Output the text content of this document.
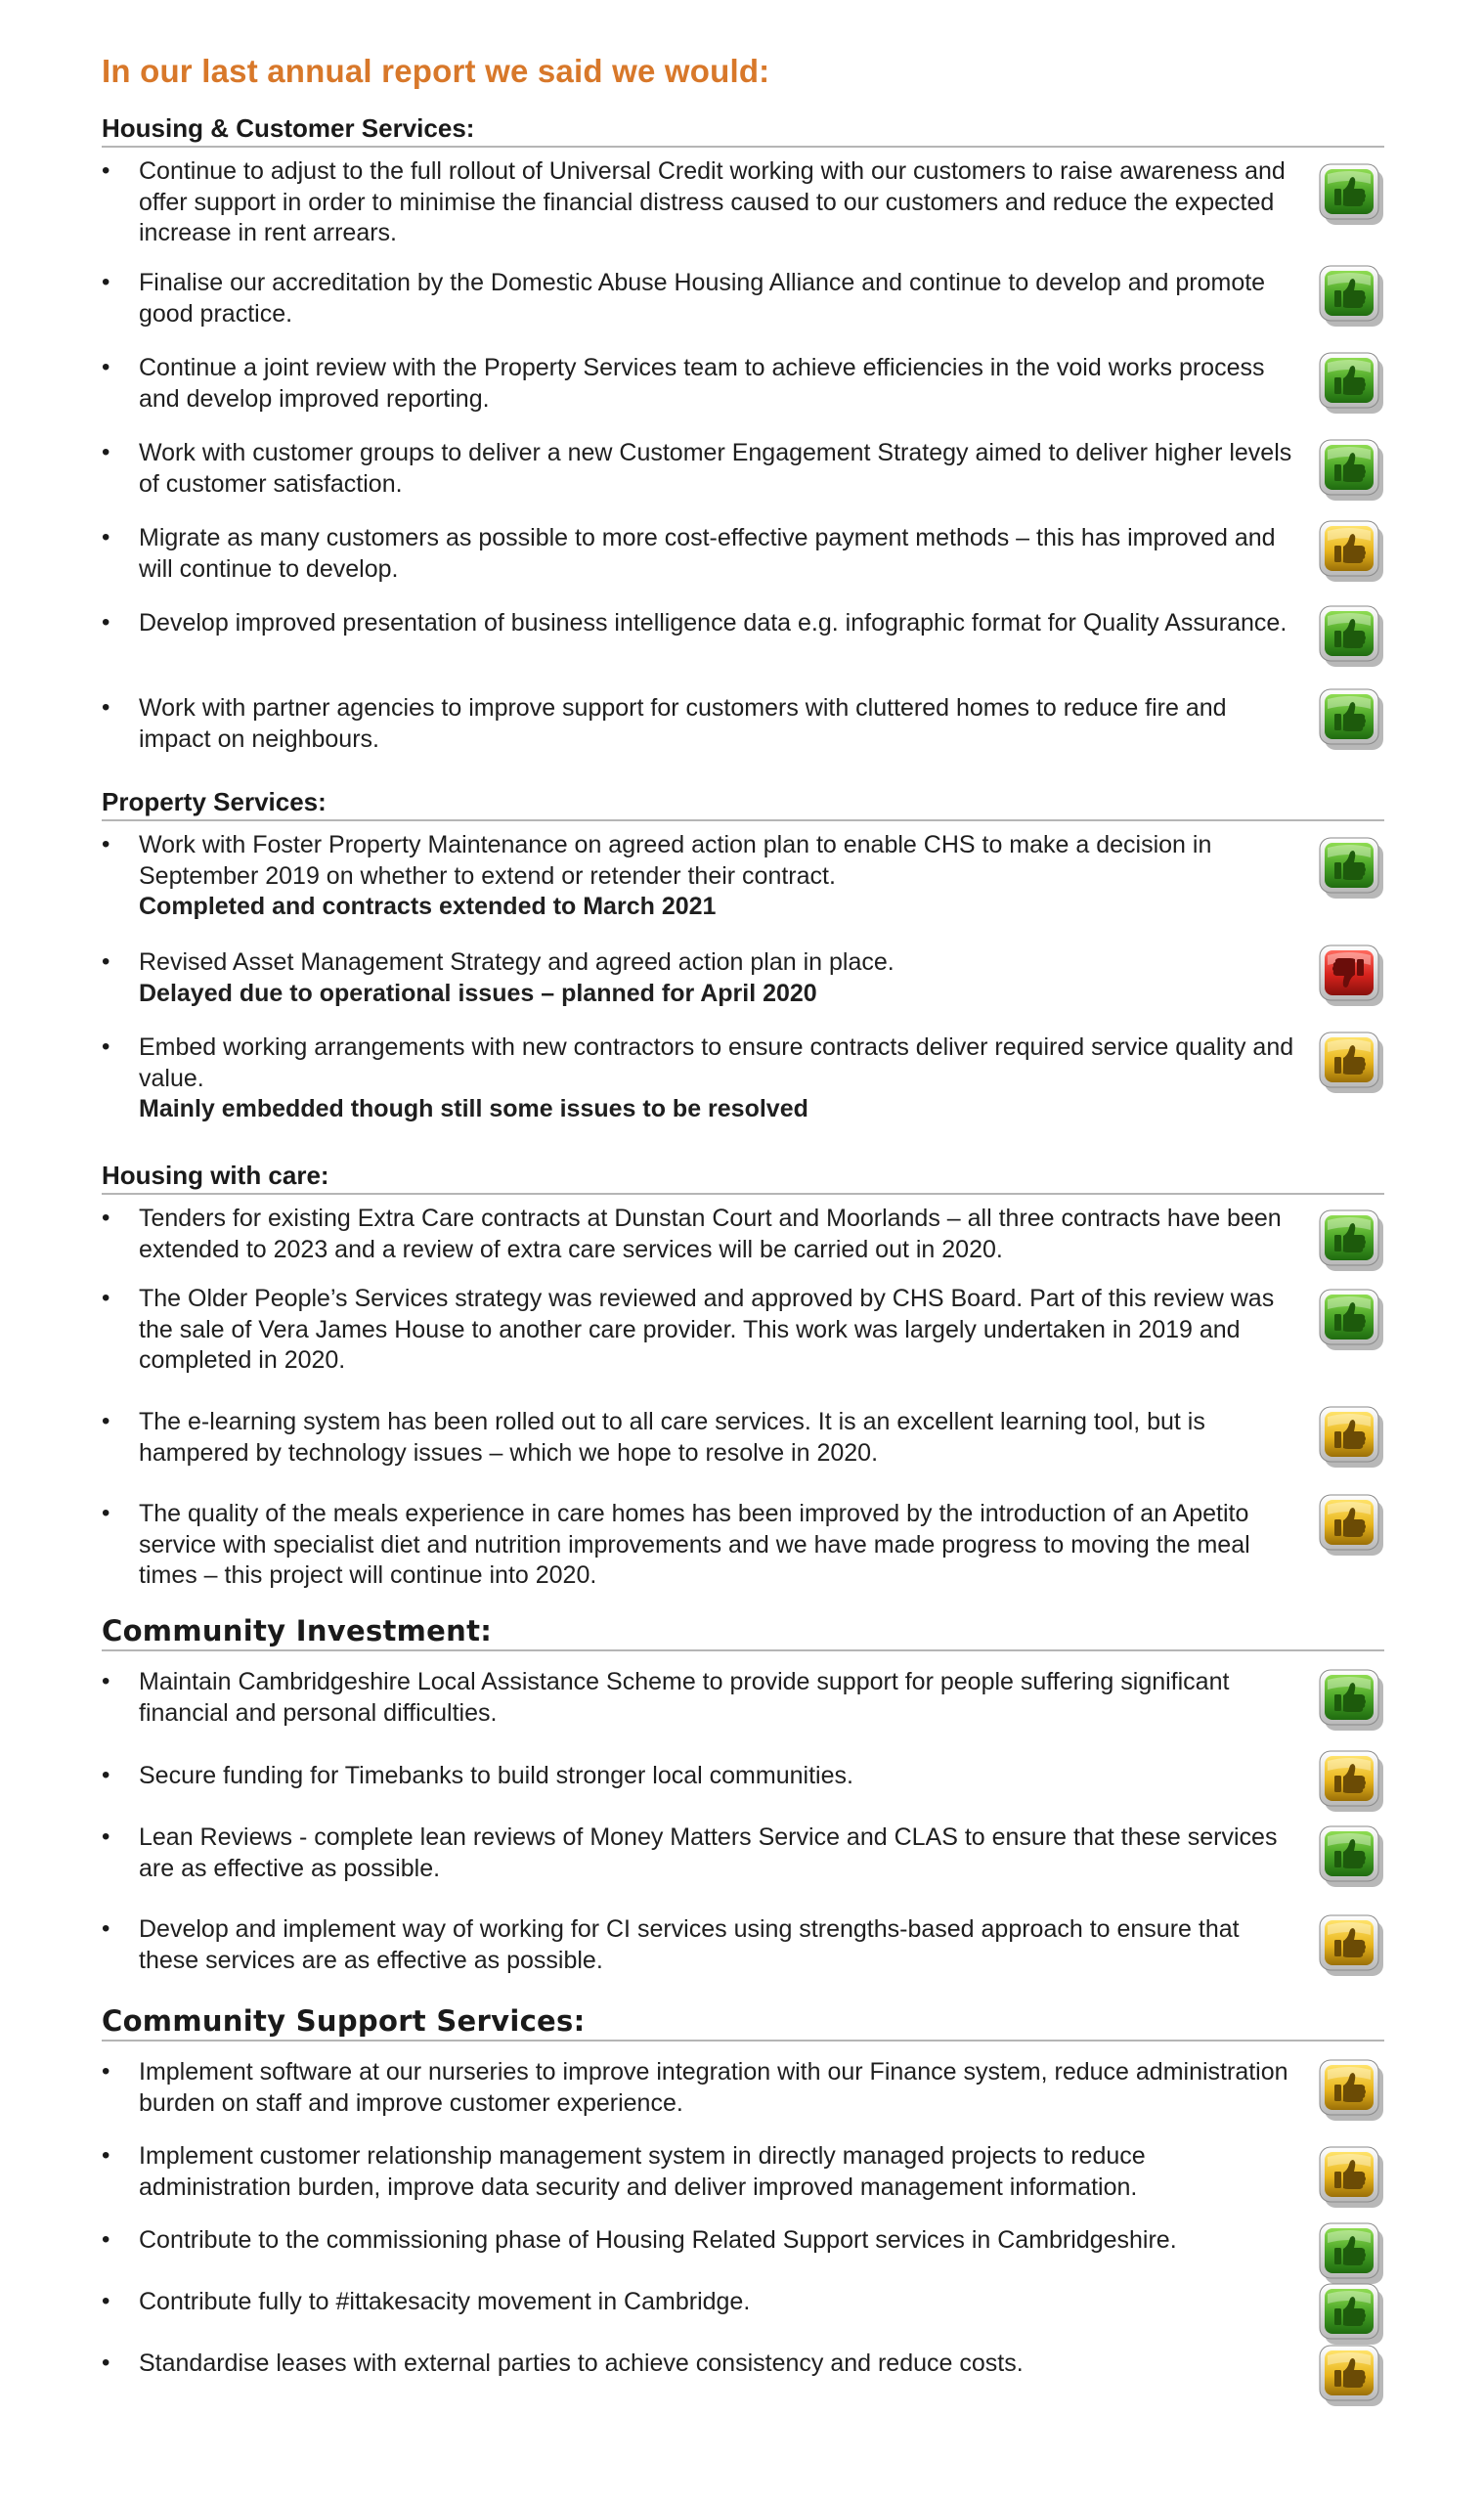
In our last annual report we said we would:
Housing & Customer Services:
• Continue to adjust to the full rollout of Universal Credit working with our customers to raise awareness and offer support in order to minimise the financial distress caused to our customers and reduce the expected increase in rent arrears.
• Finalise our accreditation by the Domestic Abuse Housing Alliance and continue to develop and promote good practice.
• Continue a joint review with the Property Services team to achieve efficiencies in the void works process and develop improved reporting.
• Work with customer groups to deliver a new Customer Engagement Strategy aimed to deliver higher levels of customer satisfaction.
• Migrate as many customers as possible to more cost-effective payment methods – this has improved and will continue to develop.
• Develop improved presentation of business intelligence data e.g. infographic format for Quality Assurance.
• Work with partner agencies to improve support for customers with cluttered homes to reduce fire and impact on neighbours.
Property Services:
• Work with Foster Property Maintenance on agreed action plan to enable CHS to make a decision in September 2019 on whether to extend or retender their contract.
Completed and contracts extended to March 2021
• Revised Asset Management Strategy and agreed action plan in place.
Delayed due to operational issues – planned for April 2020
• Embed working arrangements with new contractors to ensure contracts deliver required service quality and value.
Mainly embedded though still some issues to be resolved
Housing with care:
• Tenders for existing Extra Care contracts at Dunstan Court and Moorlands – all three contracts have been extended to 2023 and a review of extra care services will be carried out in 2020.
• The Older People’s Services strategy was reviewed and approved by CHS Board. Part of this review was the sale of Vera James House to another care provider. This work was largely undertaken in 2019 and completed in 2020.
• The e-learning system has been rolled out to all care services. It is an excellent learning tool, but is hampered by technology issues – which we hope to resolve in 2020.
• The quality of the meals experience in care homes has been improved by the introduction of an Apetito service with specialist diet and nutrition improvements and we have made progress to moving the meal times – this project will continue into 2020.
Community Investment:
• Maintain Cambridgeshire Local Assistance Scheme to provide support for people suffering significant financial and personal difficulties.
• Secure funding for Timebanks to build stronger local communities.
• Lean Reviews - complete lean reviews of Money Matters Service and CLAS to ensure that these services are as effective as possible.
• Develop and implement way of working for CI services using strengths-based approach to ensure that these services are as effective as possible.
Community Support Services:
• Implement software at our nurseries to improve integration with our Finance system, reduce administration burden on staff and improve customer experience.
• Implement customer relationship management system in directly managed projects to reduce administration burden, improve data security and deliver improved management information.
• Contribute to the commissioning phase of Housing Related Support services in Cambridgeshire.
• Contribute fully to #ittakesacity movement in Cambridge.
• Standardise leases with external parties to achieve consistency and reduce costs.
